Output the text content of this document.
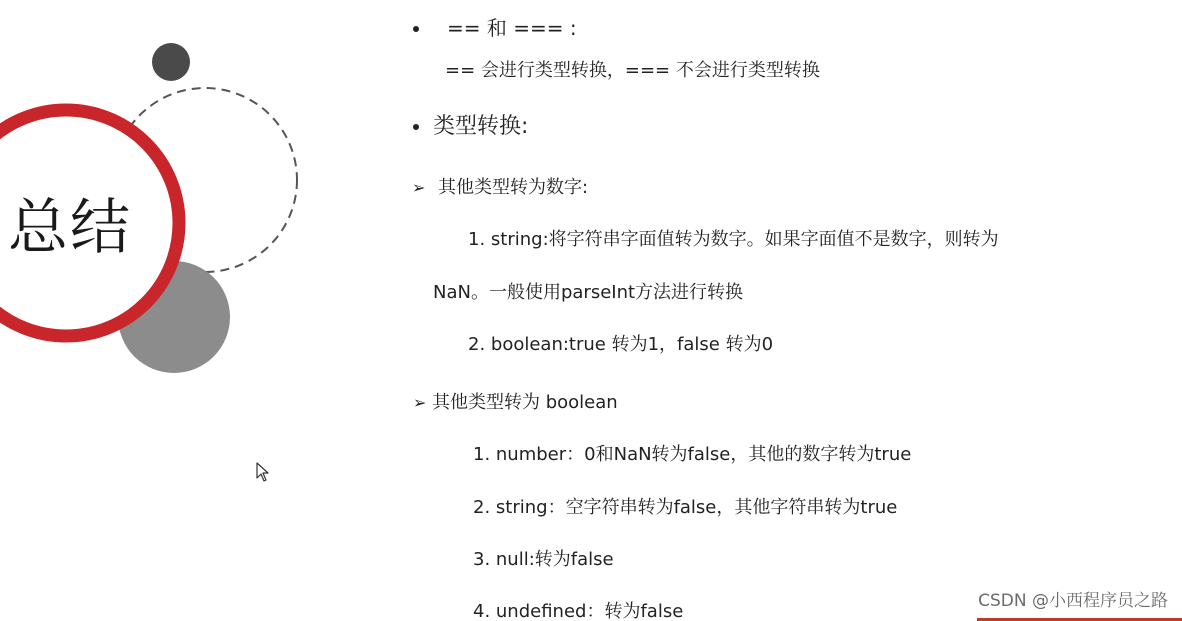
总结
== 和 === :
== 会进行类型转换，=== 不会进行类型转换
类型转换:
➢ 其他类型转为数字:
1. string:将字符串字面值转为数字。如果字面值不是数字，则转为
NaN。一般使用parseInt方法进行转换
2. boolean:true 转为1，false 转为0
➢ 其他类型转为 boolean
1. number：0和NaN转为false，其他的数字转为true
2. string：空字符串转为false，其他字符串转为true
3. null:转为false
4. undefined：转为false	CSDN @小西程序员之路
